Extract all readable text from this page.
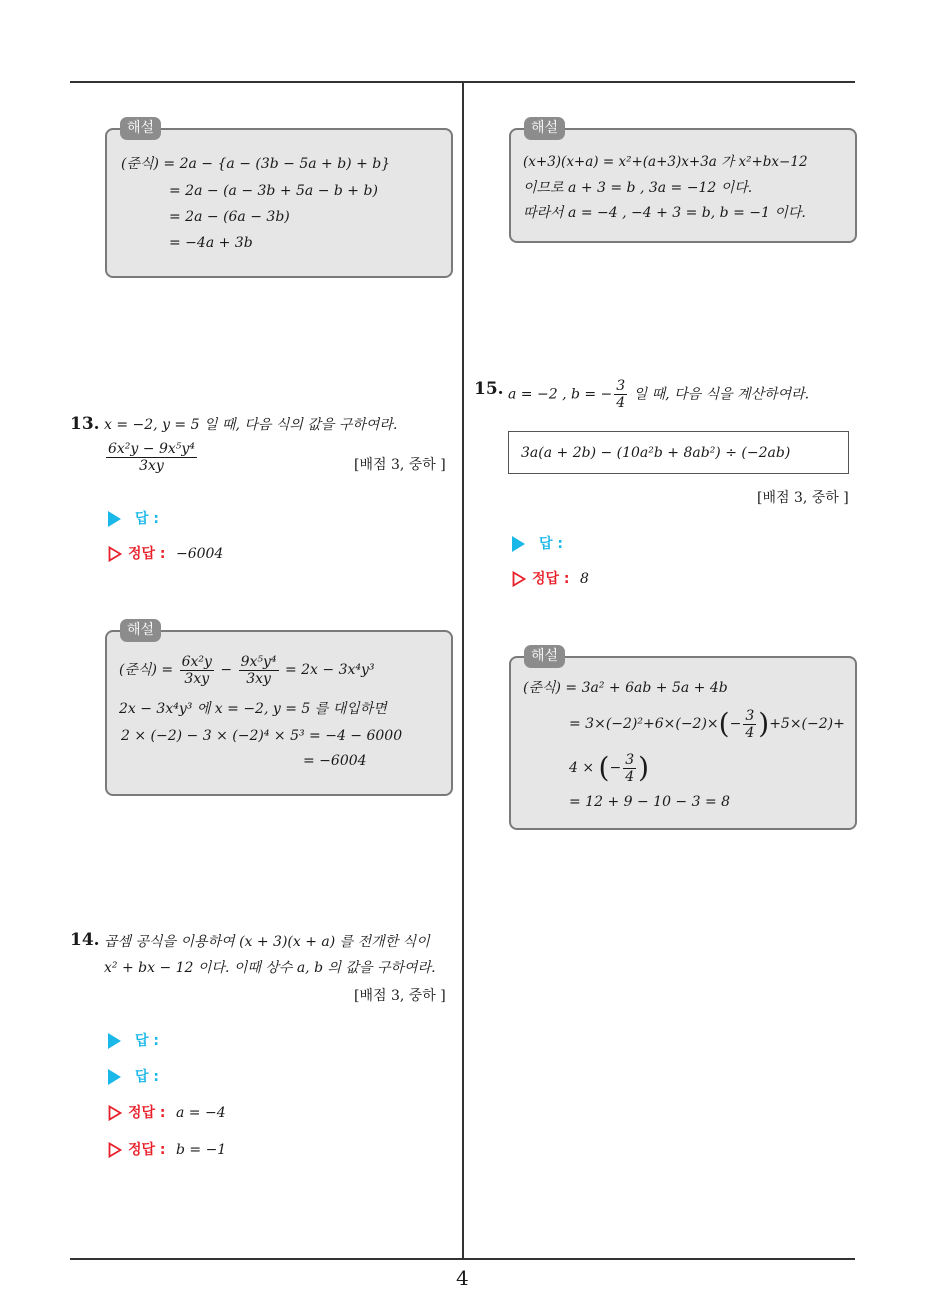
4
(준식) = 2a − {a − (3b − 5a + b) + b}
= 2a − (a − 3b + 5a − b + b)
= 2a − (6a − 3b)
= −4a + 3b
해설
13. x = −2, y = 5 일 때, 다음 식의 값을 구하여라.
$\frac{\text{6x²y − 9x⁵y⁴}}{3xy}$	[배점 3, 중하 ]
답 :
정답 : −6004
(준식) = $\frac{\text{6x²y}}{3xy} - \frac{\text{9x⁵y⁴}}{3xy} = 2x - 3x^4y^3$
2x − 3x⁴y³ 에 x = −2, y = 5 를 대입하면
2 × (−2) − 3 × (−2)⁴ × 5³ = −4 − 6000
= −6004
해설
14. 곱셈 공식을 이용하여 (x + 3)(x + a) 를 전개한 식이
x² + bx − 12 이다. 이때 상수 a, b 의 값을 구하여라.
[배점 3, 중하 ]
답 :
답 :
정답 : a = −4
정답 : b = −1
(x+3)(x+a) = x²+(a+3)x+3a 가 x²+bx−12
이므로 a + 3 = b , 3a = −12 이다.
따라서 a = −4 , −4 + 3 = b, b = −1 이다.
해설
15. a = −2 , b = − $\frac{3}{4}$ 일 때, 다음 식을 계산하여라.
3a(a + 2b) − (10a²b + 8ab²) ÷ (−2ab)
[배점 3, 중하 ]
답 :
정답 : 8
(준식) = 3a² + 6ab + 5a + 4b
= $3\times(-2)^2+6\times(-2)\times(- \frac{3}{4} )+5\times(-2)+$
4 × (− $\frac{3}{4}$ )
= 12 + 9 − 10 − 3 = 8
해설
